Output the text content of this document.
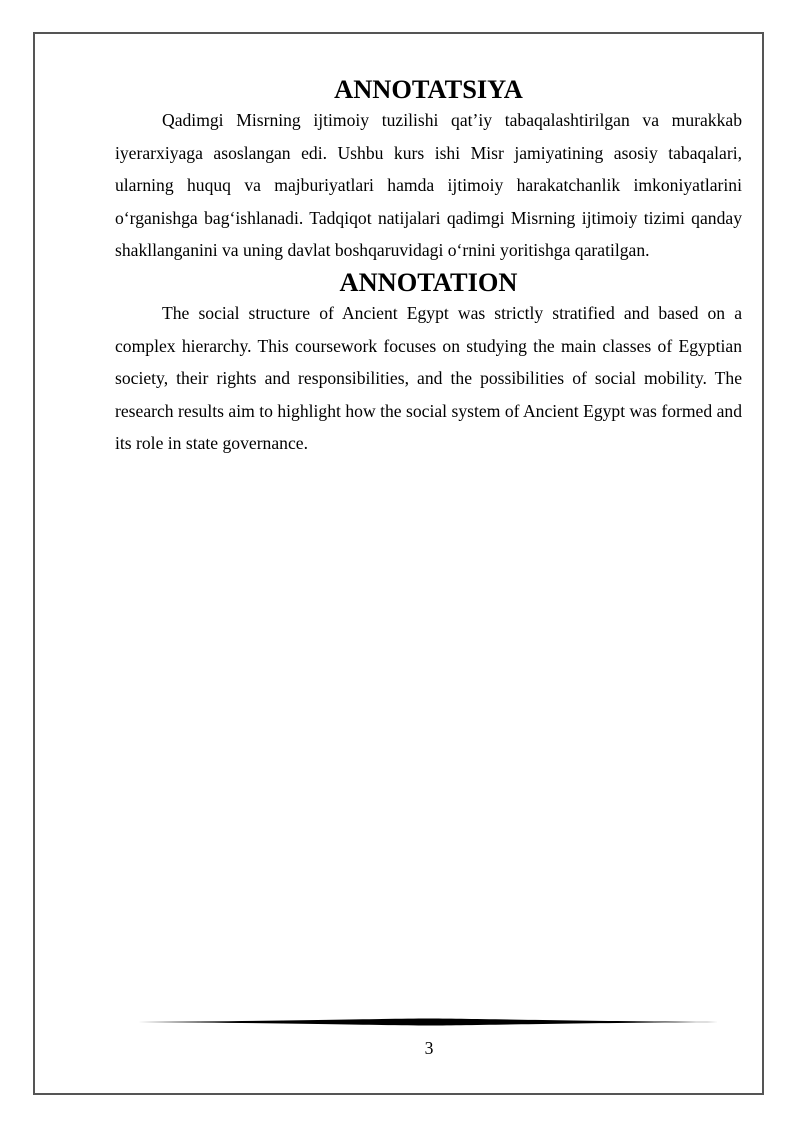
ANNOTATSIYA

Qadimgi Misrning ijtimoiy tuzilishi qat’iy tabaqalashtirilgan va murakkab iyerarxiyaga asoslangan edi. Ushbu kurs ishi Misr jamiyatining asosiy tabaqalari, ularning huquq va majburiyatlari hamda ijtimoiy harakatchanlik imkoniyatlarini o‘rganishga bag‘ishlanadi. Tadqiqot natijalari qadimgi Misrning ijtimoiy tizimi qanday shakllanganini va uning davlat boshqaruvidagi o‘rnini yoritishga qaratilgan.

ANNOTATION

The social structure of Ancient Egypt was strictly stratified and based on a complex hierarchy. This coursework focuses on studying the main classes of Egyptian society, their rights and responsibilities, and the possibilities of social mobility. The research results aim to highlight how the social system of Ancient Egypt was formed and its role in state governance.

3
